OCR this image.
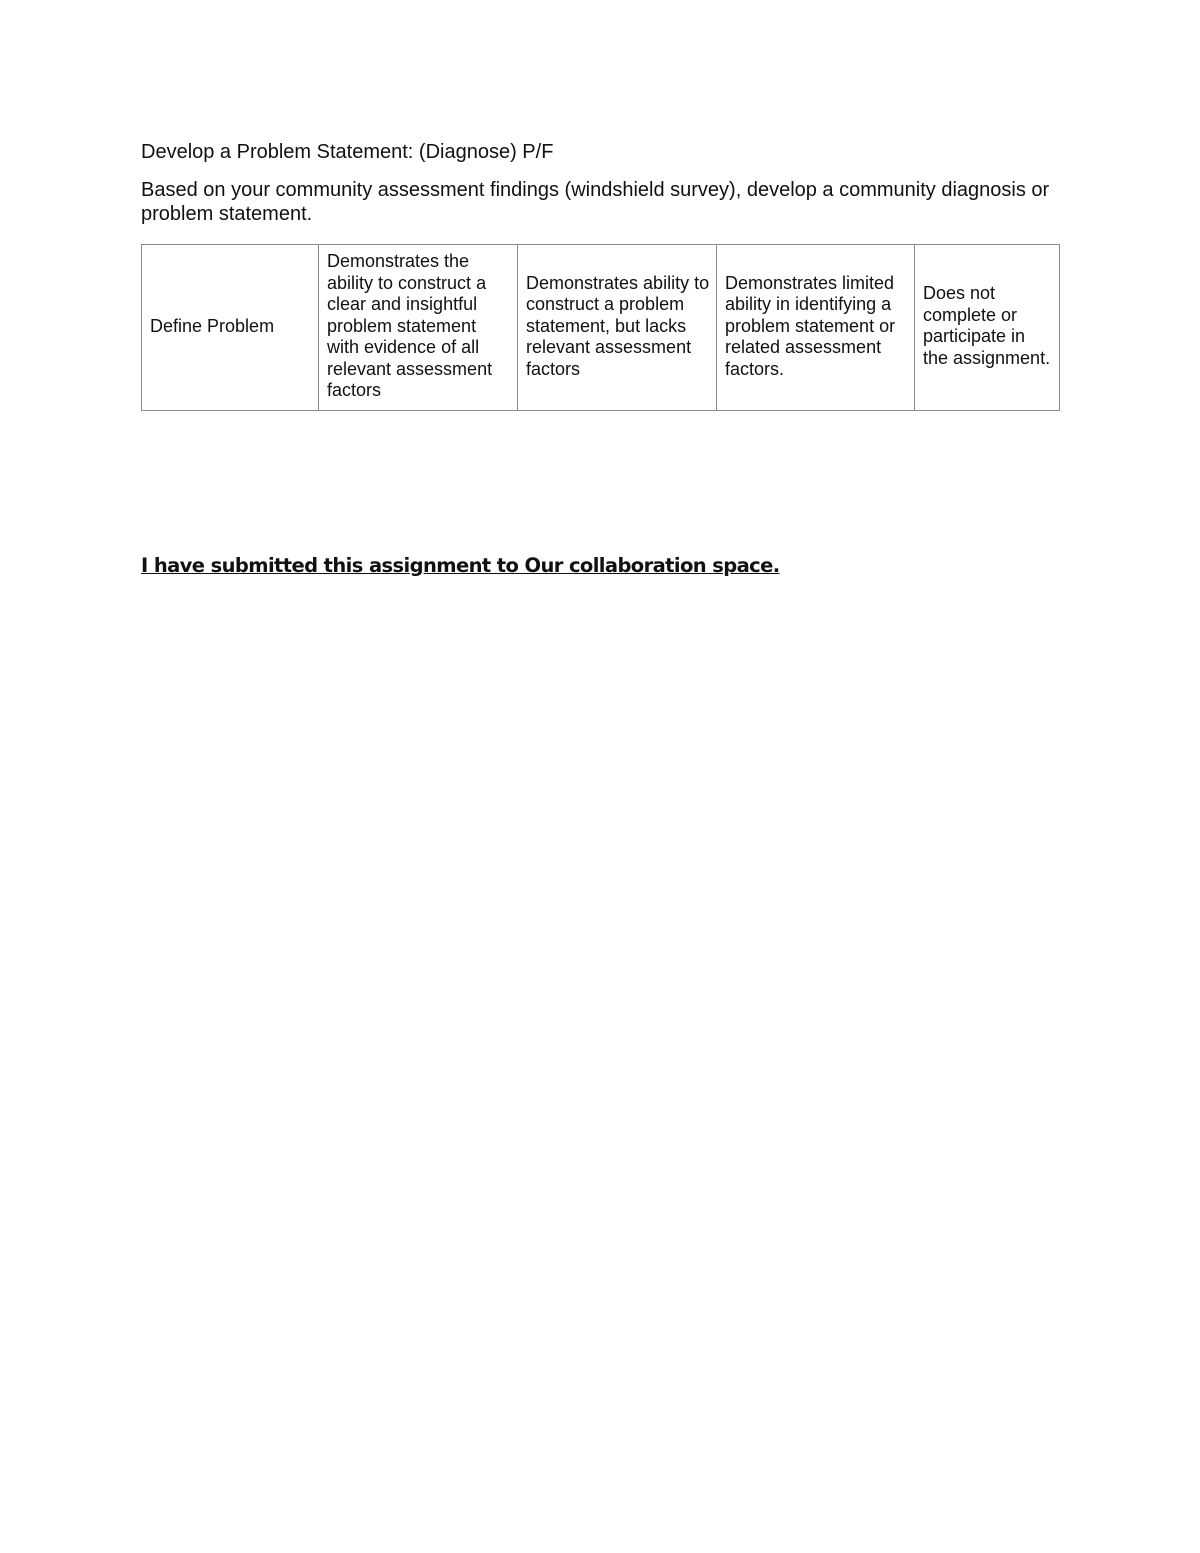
Develop a Problem Statement: (Diagnose) P/F

Based on your community assessment findings (windshield survey), develop a community diagnosis or problem statement.

Define Problem	Demonstrates the ability to construct a clear and insightful problem statement with evidence of all relevant assessment factors	Demonstrates ability to construct a problem statement, but lacks relevant assessment factors	Demonstrates limited ability in identifying a problem statement or related assessment factors.	Does not complete or participate in the assignment.

I have submitted this assignment to Our collaboration space.
